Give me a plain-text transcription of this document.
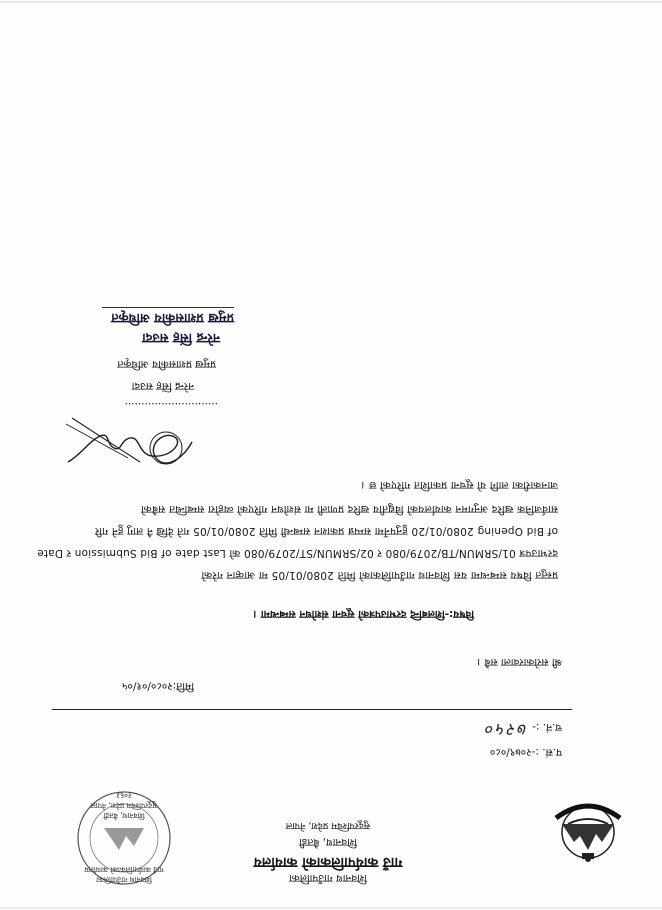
शिवनाथ गाउँपालिका
गाउँ कार्यपालिकाको कार्यालय
शिवनाथ, बैतडी
सुदूरपश्चिम प्रदेश, नेपाल
शिवनाथ गाउँपालिका
गाउँ कार्यपालिकाको कार्यालय
शिवनाथ, बैतडी
सुदूरपश्चिम प्रदेश, नेपाल
२०६३
प.सं. :-२०७९/०८०
च.नं. :- ७२५०
मिति:२०८०/०१/०५
श्री सरोकारवाला सबै ।
विषय:-शिलबन्दि दरभाउपत्रको सूचना संशोधन सम्बन्धमा ।
प्रस्तुत विषय सम्बन्धमा यस शिवनाथ गाउँपालिकाको मिति 2080/01/05 मा आव्हान गरेको
दरभाउपत्र 01/SRMUN/TB/2079/080 र 02/SRMUN/ST/2079/080 को Last date of Bid Submission र Date
of Bid Opening 2080/01/20 हुनुपर्नेमा सम्पन्न प्रकाशन सम्बन्धी मिति 2080/01/05 गते देखि नै लागु हुने गरि
सार्वजनिक खरिद अनुगमन कार्यालयको विद्युतीय खरिद प्रणाली मा संशोधन गरिएको व्यहोरा सम्बन्धित सबैको
जानकारीका लागि यो सूचना प्रकाशित गरिएको छ ।
............................
नरेन्द्र सिंह सउदा
प्रमुख प्रशासकीय अधिकृत
नरेन्द्र सिंह सउदा
प्रमुख प्रशासकीय अधिकृत
